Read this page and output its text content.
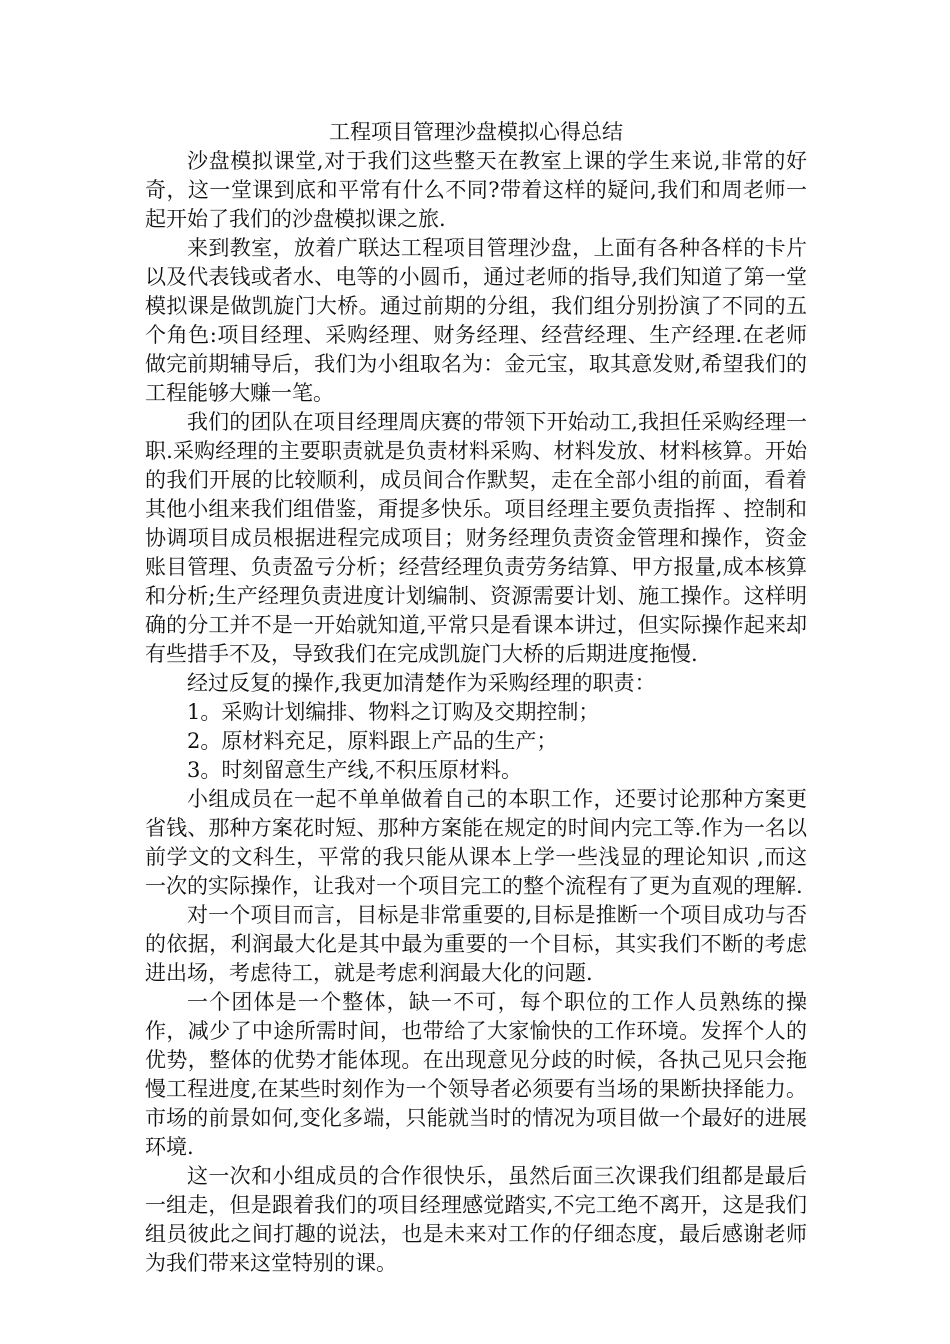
工程项目管理沙盘模拟心得总结

沙盘模拟课堂,对于我们这些整天在教室上课的学生来说,非常的好奇，这一堂课到底和平常有什么不同?带着这样的疑问,我们和周老师一起开始了我们的沙盘模拟课之旅.

来到教室，放着广联达工程项目管理沙盘，上面有各种各样的卡片以及代表钱或者水、电等的小圆币，通过老师的指导,我们知道了第一堂模拟课是做凯旋门大桥。通过前期的分组，我们组分别扮演了不同的五个角色:项目经理、采购经理、财务经理、经营经理、生产经理.在老师做完前期辅导后，我们为小组取名为：金元宝，取其意发财,希望我们的工程能够大赚一笔。

我们的团队在项目经理周庆赛的带领下开始动工,我担任采购经理一职.采购经理的主要职责就是负责材料采购、材料发放、材料核算。开始的我们开展的比较顺利，成员间合作默契，走在全部小组的前面，看着其他小组来我们组借鉴，甭提多快乐。项目经理主要负责指挥 、控制和协调项目成员根据进程完成项目；财务经理负责资金管理和操作，资金账目管理、负责盈亏分析；经营经理负责劳务结算、甲方报量,成本核算和分析;生产经理负责进度计划编制、资源需要计划、施工操作。这样明确的分工并不是一开始就知道,平常只是看课本讲过，但实际操作起来却有些措手不及，导致我们在完成凯旋门大桥的后期进度拖慢.

经过反复的操作,我更加清楚作为采购经理的职责：

1。采购计划编排、物料之订购及交期控制；

2。原材料充足，原料跟上产品的生产；

3。时刻留意生产线,不积压原材料。

小组成员在一起不单单做着自己的本职工作，还要讨论那种方案更省钱、那种方案花时短、那种方案能在规定的时间内完工等.作为一名以前学文的文科生，平常的我只能从课本上学一些浅显的理论知识 ,而这一次的实际操作，让我对一个项目完工的整个流程有了更为直观的理解.

对一个项目而言，目标是非常重要的,目标是推断一个项目成功与否的依据，利润最大化是其中最为重要的一个目标，其实我们不断的考虑进出场，考虑待工，就是考虑利润最大化的问题.

一个团体是一个整体，缺一不可，每个职位的工作人员熟练的操作，减少了中途所需时间，也带给了大家愉快的工作环境。发挥个人的优势，整体的优势才能体现。在出现意见分歧的时候，各执己见只会拖慢工程进度,在某些时刻作为一个领导者必须要有当场的果断抉择能力。市场的前景如何,变化多端，只能就当时的情况为项目做一个最好的进展环境.

这一次和小组成员的合作很快乐，虽然后面三次课我们组都是最后一组走，但是跟着我们的项目经理感觉踏实,不完工绝不离开，这是我们组员彼此之间打趣的说法，也是未来对工作的仔细态度，最后感谢老师为我们带来这堂特别的课。
